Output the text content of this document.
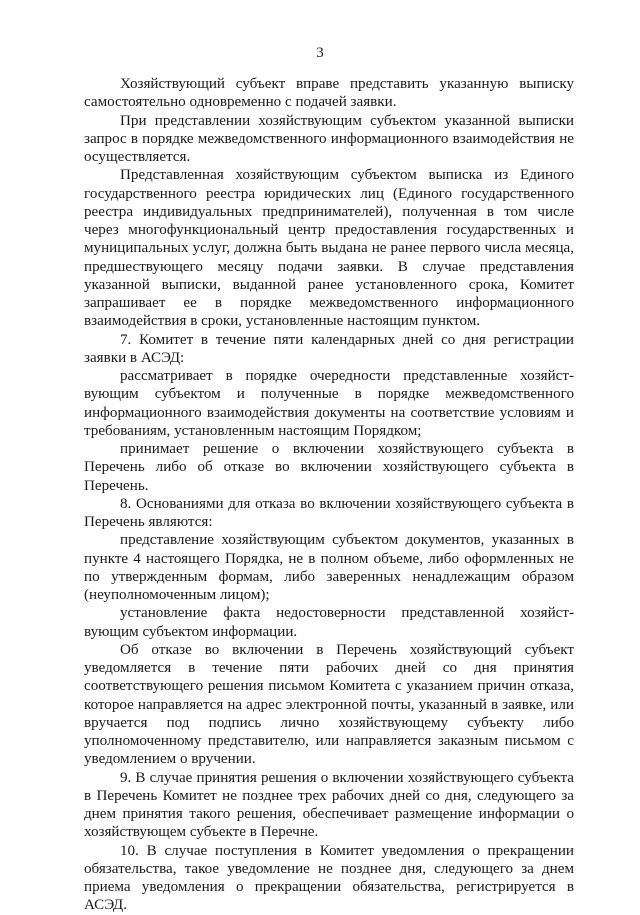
3

Хозяйствующий субъект вправе представить указанную выписку самостоятельно одновременно с подачей заявки.

При представлении хозяйствующим субъектом указанной выписки запрос в порядке межведомственного информационного взаимодействия не осуществляется.

Представленная хозяйствующим субъектом выписка из Единого государственного реестра юридических лиц (Единого государственного реестра индивидуальных предпринимателей), полученная в том числе через многофункциональный центр предоставления государственных и муниципальных услуг, должна быть выдана не ранее первого числа месяца, предшествующего месяцу подачи заявки. В случае представления указанной выписки, выданной ранее установленного срока, Комитет запрашивает ее в порядке межведомственного информационного взаимодействия в сроки, установленные настоящим пунктом.

7. Комитет в течение пяти календарных дней со дня регистрации заявки в АСЭД:

рассматривает в порядке очередности представленные хозяйствующим субъектом и полученные в порядке межведомственного информационного взаимодействия документы на соответствие условиям и требованиям, установленным настоящим Порядком;

принимает решение о включении хозяйствующего субъекта в Перечень либо об отказе во включении хозяйствующего субъекта в Перечень.

8. Основаниями для отказа во включении хозяйствующего субъекта в Перечень являются:

представление хозяйствующим субъектом документов, указанных в пункте 4 настоящего Порядка, не в полном объеме, либо оформленных не по утвержденным формам, либо заверенных ненадлежащим образом (неуполномоченным лицом);

установление факта недостоверности представленной хозяйствующим субъектом информации.

Об отказе во включении в Перечень хозяйствующий субъект уведомляется в течение пяти рабочих дней со дня принятия соответствующего решения письмом Комитета с указанием причин отказа, которое направляется на адрес электронной почты, указанный в заявке, или вручается под подпись лично хозяйствующему субъекту либо уполномоченному представителю, или направляется заказным письмом с уведомлением о вручении.

9. В случае принятия решения о включении хозяйствующего субъекта в Перечень Комитет не позднее трех рабочих дней со дня, следующего за днем принятия такого решения, обеспечивает размещение информации о хозяйствующем субъекте в Перечне.

10. В случае поступления в Комитет уведомления о прекращении обязательства, такое уведомление не позднее дня, следующего за днем приема уведомления о прекращении обязательства, регистрируется в АСЭД.
